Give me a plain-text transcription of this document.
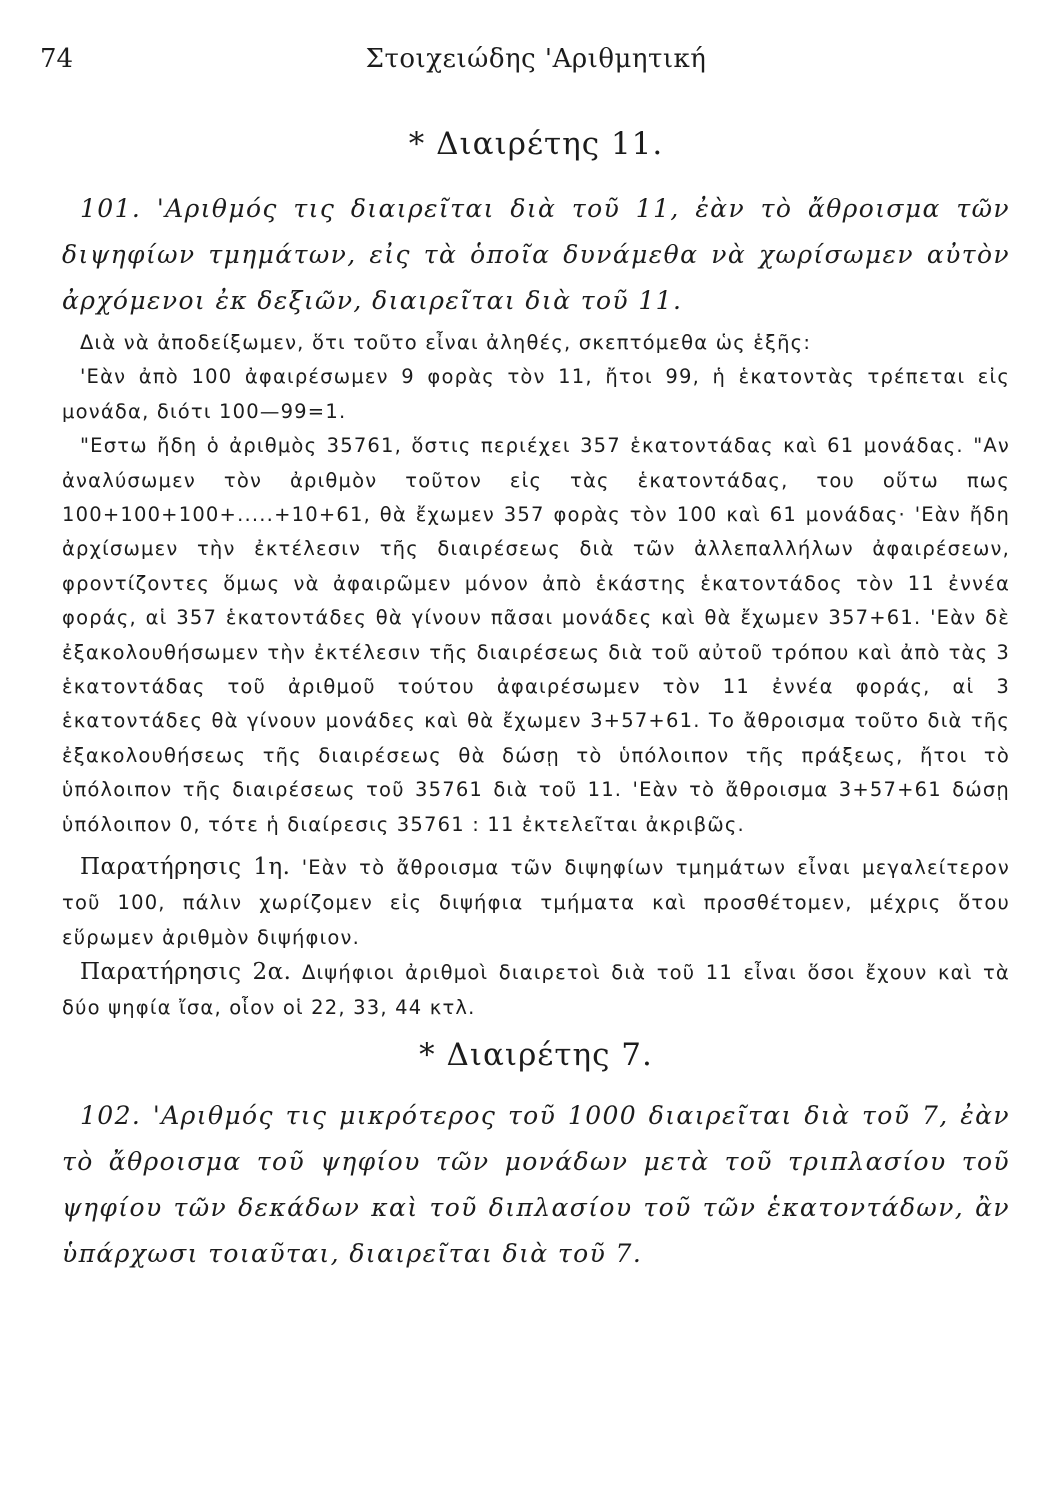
74	Στοιχειώδης 'Αριθμητική
* Διαιρέτης 11.

101. 'Αριθμός τις διαιρεῖται διὰ τοῦ 11, ἐὰν τὸ ἄθροισμα τῶν διψηφίων τμημάτων, εἰς τὰ ὁποῖα δυνάμεθα νὰ χωρίσωμεν αὐτὸν ἀρχόμενοι ἐκ δεξιῶν, διαιρεῖται διὰ τοῦ 11.

Διὰ νὰ ἀποδείξωμεν, ὅτι τοῦτο εἶναι ἀληθές, σκεπτόμεθα ὡς ἑξῆς:

'Εὰν ἀπὸ 100 ἀφαιρέσωμεν 9 φορὰς τὸν 11, ἤτοι 99, ἡ ἑκατοντὰς τρέπεται εἰς μονάδα, διότι 100—99=1.

"Εστω ἤδη ὁ ἀριθμὸς 35761, ὅστις περιέχει 357 ἑκατοντάδας καὶ 61 μονάδας. "Αν ἀναλύσωμεν τὸν ἀριθμὸν τοῦτον εἰς τὰς ἑκατοντάδας, του οὕτω πως 100+100+100+.....+10+61, θὰ ἔχωμεν 357 φορὰς τὸν 100 καὶ 61 μονάδας· 'Εὰν ἤδη ἀρχίσωμεν τὴν ἐκτέλεσιν τῆς διαιρέσεως διὰ τῶν ἀλλεπαλλήλων ἀφαιρέσεων, φροντίζοντες ὅμως νὰ ἀφαιρῶμεν μόνον ἀπὸ ἑκάστης ἑκατοντάδος τὸν 11 ἐννέα φοράς, αἱ 357 ἑκατοντάδες θὰ γίνουν πᾶσαι μονάδες καὶ θὰ ἔχωμεν 357+61. 'Εὰν δὲ ἐξακολουθήσωμεν τὴν ἐκτέλεσιν τῆς διαιρέσεως διὰ τοῦ αὐτοῦ τρόπου καὶ ἀπὸ τὰς 3 ἑκατοντάδας τοῦ ἀριθμοῦ τούτου ἀφαιρέσωμεν τὸν 11 ἐννέα φοράς, αἱ 3 ἑκατοντάδες θὰ γίνουν μονάδες καὶ θὰ ἔχωμεν 3+57+61. Το ἄθροισμα τοῦτο διὰ τῆς ἐξακολουθήσεως τῆς διαιρέσεως θὰ δώσῃ τὸ ὑπόλοιπον τῆς πράξεως, ἤτοι τὸ ὑπόλοιπον τῆς διαιρέσεως τοῦ 35761 διὰ τοῦ 11. 'Εὰν τὸ ἄθροισμα 3+57+61 δώσῃ ὑπόλοιπον 0, τότε ἡ διαίρεσις 35761 : 11 ἐκτελεῖται ἀκριβῶς.

Παρατήρησις 1η. 'Εὰν τὸ ἄθροισμα τῶν διψηφίων τμημάτων εἶναι μεγαλείτερον τοῦ 100, πάλιν χωρίζομεν εἰς διψήφια τμήματα καὶ προσθέτομεν, μέχρις ὅτου εὕρωμεν ἀριθμὸν διψήφιον.

Παρατήρησις 2α. Διψήφιοι ἀριθμοὶ διαιρετοὶ διὰ τοῦ 11 εἶναι ὅσοι ἔχουν καὶ τὰ δύο ψηφία ἴσα, οἷον οἱ 22, 33, 44 κτλ.

* Διαιρέτης 7.

102. 'Αριθμός τις μικρότερος τοῦ 1000 διαιρεῖται διὰ τοῦ 7, ἐὰν τὸ ἄθροισμα τοῦ ψηφίου τῶν μονάδων μετὰ τοῦ τριπλασίου τοῦ ψηφίου τῶν δεκάδων καὶ τοῦ διπλασίου τοῦ τῶν ἑκατοντάδων, ἂν ὑπάρχωσι τοιαῦται, διαιρεῖται διὰ τοῦ 7.
